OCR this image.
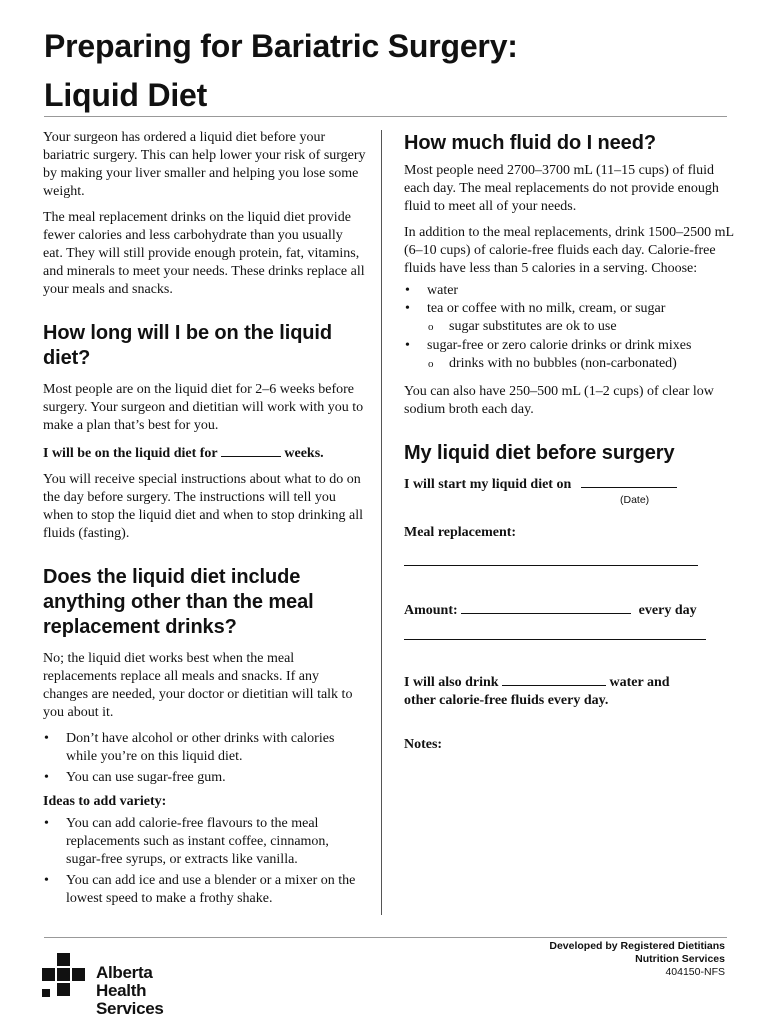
Preparing for Bariatric Surgery:
Liquid Diet

Your surgeon has ordered a liquid diet before your bariatric surgery. This can help lower your risk of surgery by making your liver smaller and helping you lose some weight.

The meal replacement drinks on the liquid diet provide fewer calories and less carbohydrate than you usually eat. They will still provide enough protein, fat, vitamins, and minerals to meet your needs. These drinks replace all your meals and snacks.

How long will I be on the liquid diet?

Most people are on the liquid diet for 2–6 weeks before surgery. Your surgeon and dietitian will work with you to make a plan that’s best for you.

I will be on the liquid diet for	weeks.

You will receive special instructions about what to do on the day before surgery. The instructions will tell you when to stop the liquid diet and when to stop drinking all fluids (fasting).

Does the liquid diet include anything other than the meal replacement drinks?

No; the liquid diet works best when the meal replacements replace all meals and snacks. If any changes are needed, your doctor or dietitian will talk to you about it.

• Don’t have alcohol or other drinks with calories while you’re on this liquid diet.
• You can use sugar-free gum.

Ideas to add variety:

• You can add calorie-free flavours to the meal replacements such as instant coffee, cinnamon, sugar-free syrups, or extracts like vanilla.
• You can add ice and use a blender or a mixer on the lowest speed to make a frothy shake.
How much fluid do I need?

Most people need 2700–3700 mL (11–15 cups) of fluid each day. The meal replacements do not provide enough fluid to meet all of your needs.

In addition to the meal replacements, drink 1500–2500 mL (6–10 cups) of calorie-free fluids each day. Calorie-free fluids have less than 5 calories in a serving. Choose:

• water
• tea or coffee with no milk, cream, or sugar
o sugar substitutes are ok to use
• sugar-free or zero calorie drinks or drink mixes
o drinks with no bubbles (non-carbonated)

You can also have 250–500 mL (1–2 cups) of clear low sodium broth each day.

My liquid diet before surgery

I will start my liquid diet on

(Date)

Meal replacement:

Amount:	every day

I will also drink	water and

other calorie-free fluids every day.

Notes:

Developed by Registered Dietitians
Nutrition Services
404150-NFS
Alberta Health
Services
